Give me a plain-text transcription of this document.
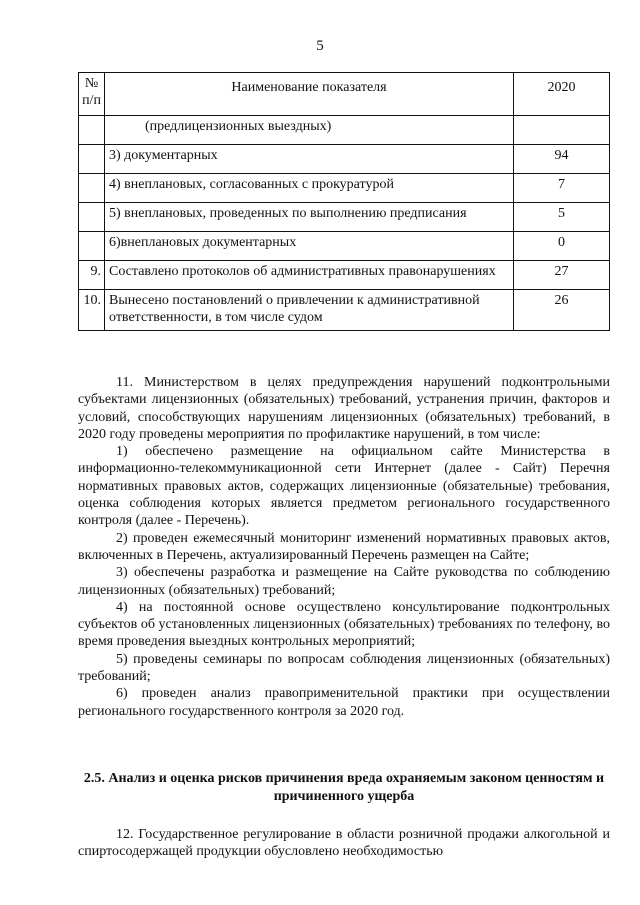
5
№ п/п	Наименование показателя	2020
	(предлицензионных выездных)	
	3) документарных	94
	4) внеплановых, согласованных с прокуратурой	7
	5) внеплановых, проведенных по выполнению предписания	5
	6)внеплановых документарных	0
9.	Составлено протоколов об административных правонарушениях	27
10.	Вынесено постановлений о привлечении к административной ответственности, в том числе судом	26

11. Министерством в целях предупреждения нарушений подконтрольными субъектами лицензионных (обязательных) требований, устранения причин, факторов и условий, способствующих нарушениям лицензионных (обязательных) требований, в 2020 году проведены мероприятия по профилактике нарушений, в том числе:

1) обеспечено размещение на официальном сайте Министерства в информационно-телекоммуникационной сети Интернет (далее - Сайт) Перечня нормативных правовых актов, содержащих лицензионные (обязательные) требования, оценка соблюдения которых является предметом регионального государственного контроля (далее - Перечень).

2) проведен ежемесячный мониторинг изменений нормативных правовых актов, включенных в Перечень, актуализированный Перечень размещен на Сайте;

3) обеспечены разработка и размещение на Сайте руководства по соблюдению лицензионных (обязательных) требований;

4) на постоянной основе осуществлено консультирование подконтрольных субъектов об установленных лицензионных (обязательных) требованиях по телефону, во время проведения выездных контрольных мероприятий;

5) проведены семинары по вопросам соблюдения лицензионных (обязательных) требований;

6) проведен анализ правоприменительной практики при осуществлении регионального государственного контроля за 2020 год.

2.5. Анализ и оценка рисков причинения вреда охраняемым законом ценностям и причиненного ущерба

12. Государственное регулирование в области розничной продажи алкогольной и спиртосодержащей продукции обусловлено необходимостью
